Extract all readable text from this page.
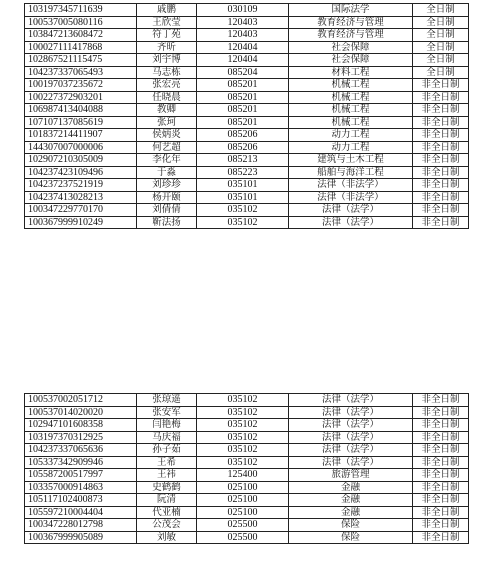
103197345711639	戚鹏	030109	国际法学	全日制
100537005080116	王欣莹	120403	教育经济与管理	全日制
103847213608472	符丁苑	120403	教育经济与管理	全日制
100027111417868	齐昕	120404	社会保障	全日制
102867521115475	刘宇博	120404	社会保障	全日制
104237337065493	马志栋	085204	材料工程	全日制
100197037235672	张宏亮	085201	机械工程	非全日制
100227372903201	任晓晨	085201	机械工程	非全日制
106987413404088	教卿	085201	机械工程	非全日制
107107137085619	张珂	085201	机械工程	非全日制
101837214411907	侯炳炎	085206	动力工程	非全日制
144307007000006	何艺超	085206	动力工程	非全日制
102907210305009	李化年	085213	建筑与土木工程	非全日制
104237423109496	于淼	085223	船舶与海洋工程	非全日制
104237237521919	刘珍珍	035101	法律（非法学）	非全日制
104237413028213	杨开颐	035101	法律（非法学）	非全日制
100347229770170	刘倩倩	035102	法律（法学）	非全日制
100367999910249	靳法扬	035102	法律（法学）	非全日制
100537002051712	张琼遥	035102	法律（法学）	非全日制
100537014020020	张安军	035102	法律（法学）	非全日制
102947101608358	闫艳梅	035102	法律（法学）	非全日制
103197370312925	马庆福	035102	法律（法学）	非全日制
104237337065636	孙子茹	035102	法律（法学）	非全日制
105337342909946	王希	035102	法律（法学）	非全日制
105587200517997	王祎	125400	旅游管理	非全日制
103357000914863	史鹤鹤	025100	金融	非全日制
105117102400873	阮清	025100	金融	非全日制
105597210004404	代亚楠	025100	金融	非全日制
100347228012798	公茂会	025500	保险	非全日制
100367999905089	刘敏	025500	保险	非全日制
